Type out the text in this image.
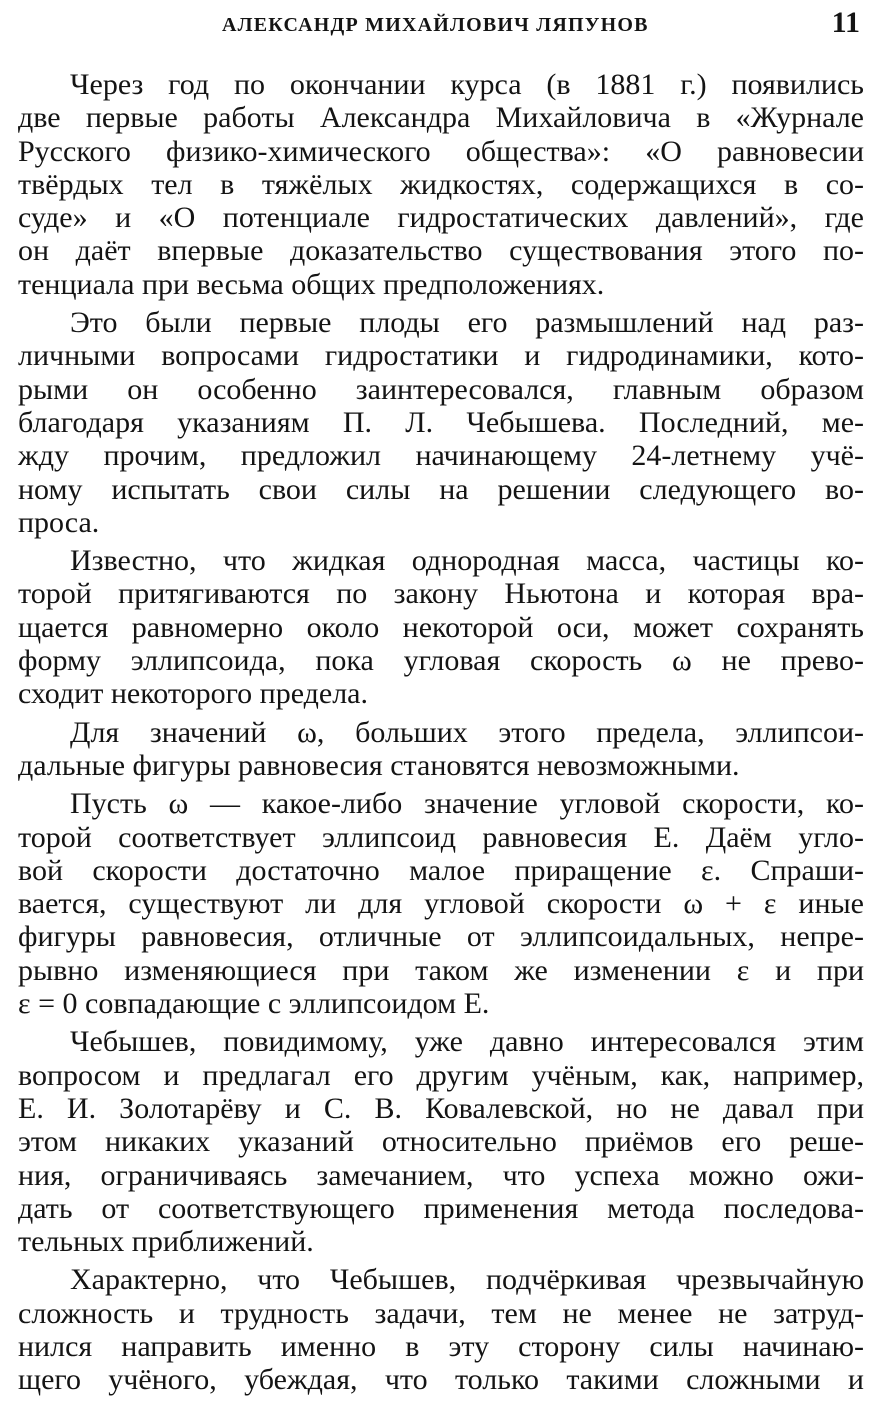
АЛЕКСАНДР МИХАЙЛОВИЧ ЛЯПУНОВ	11
Через год по окончании курса (в 1881 г.) появились
две первые работы Александра Михайловича в «Журнале
Русского физико-химического общества»: «О равновесии
твёрдых тел в тяжёлых жидкостях, содержащихся в со-
суде» и «О потенциале гидростатических давлений», где
он даёт впервые доказательство существования этого по-
тенциала при весьма общих предположениях.
Это были первые плоды его размышлений над раз-
личными вопросами гидростатики и гидродинамики, кото-
рыми он особенно заинтересовался, главным образом
благодаря указаниям П. Л. Чебышева. Последний, ме-
жду прочим, предложил начинающему 24-летнему учё-
ному испытать свои силы на решении следующего во-
проса.
Известно, что жидкая однородная масса, частицы ко-
торой притягиваются по закону Ньютона и которая вра-
щается равномерно около некоторой оси, может сохранять
форму эллипсоида, пока угловая скорость ω не прево-
сходит некоторого предела.
Для значений ω, больших этого предела, эллипсои-
дальные фигуры равновесия становятся невозможными.
Пусть ω — какое-либо значение угловой скорости, ко-
торой соответствует эллипсоид равновесия E. Даём угло-
вой скорости достаточно малое приращение ε. Спраши-
вается, существуют ли для угловой скорости ω + ε иные
фигуры равновесия, отличные от эллипсоидальных, непре-
рывно изменяющиеся при таком же изменении ε и при
ε = 0 совпадающие с эллипсоидом E.
Чебышев, повидимому, уже давно интересовался этим
вопросом и предлагал его другим учёным, как, например,
Е. И. Золотарёву и С. В. Ковалевской, но не давал при
этом никаких указаний относительно приёмов его реше-
ния, ограничиваясь замечанием, что успеха можно ожи-
дать от соответствующего применения метода последова-
тельных приближений.
Характерно, что Чебышев, подчёркивая чрезвычайную
сложность и трудность задачи, тем не менее не затруд-
нился направить именно в эту сторону силы начинаю-
щего учёного, убеждая, что только такими сложными и
